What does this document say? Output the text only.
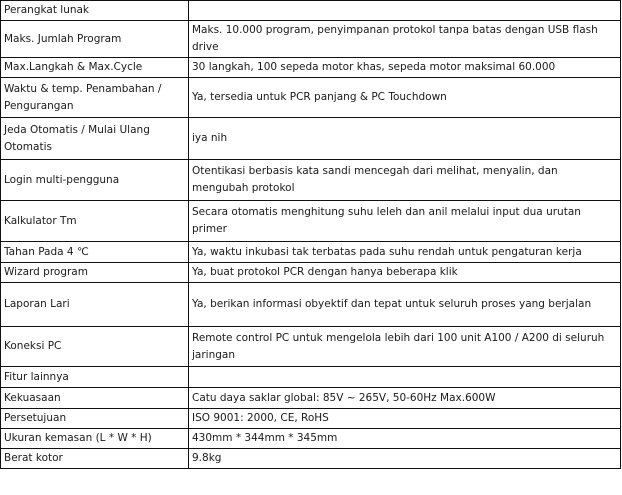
Perangkat lunak	
Maks. Jumlah Program	Maks. 10.000 program, penyimpanan protokol tanpa batas dengan USB flash drive
Max.Langkah & Max.Cycle	30 langkah, 100 sepeda motor khas, sepeda motor maksimal 60.000
Waktu & temp. Penambahan / Pengurangan	Ya, tersedia untuk PCR panjang & PC Touchdown
Jeda Otomatis / Mulai Ulang Otomatis	iya nih
Login multi-pengguna	Otentikasi berbasis kata sandi mencegah dari melihat, menyalin, dan mengubah protokol
Kalkulator Tm	Secara otomatis menghitung suhu leleh dan anil melalui input dua urutan primer
Tahan Pada 4 ℃	Ya, waktu inkubasi tak terbatas pada suhu rendah untuk pengaturan kerja
Wizard program	Ya, buat protokol PCR dengan hanya beberapa klik
Laporan Lari	Ya, berikan informasi obyektif dan tepat untuk seluruh proses yang berjalan
Koneksi PC	Remote control PC untuk mengelola lebih dari 100 unit A100 / A200 di seluruh jaringan
Fitur lainnya	
Kekuasaan	Catu daya saklar global: 85V ~ 265V, 50-60Hz Max.600W
Persetujuan	ISO 9001: 2000, CE, RoHS
Ukuran kemasan (L * W * H)	430mm * 344mm * 345mm
Berat kotor	9.8kg
